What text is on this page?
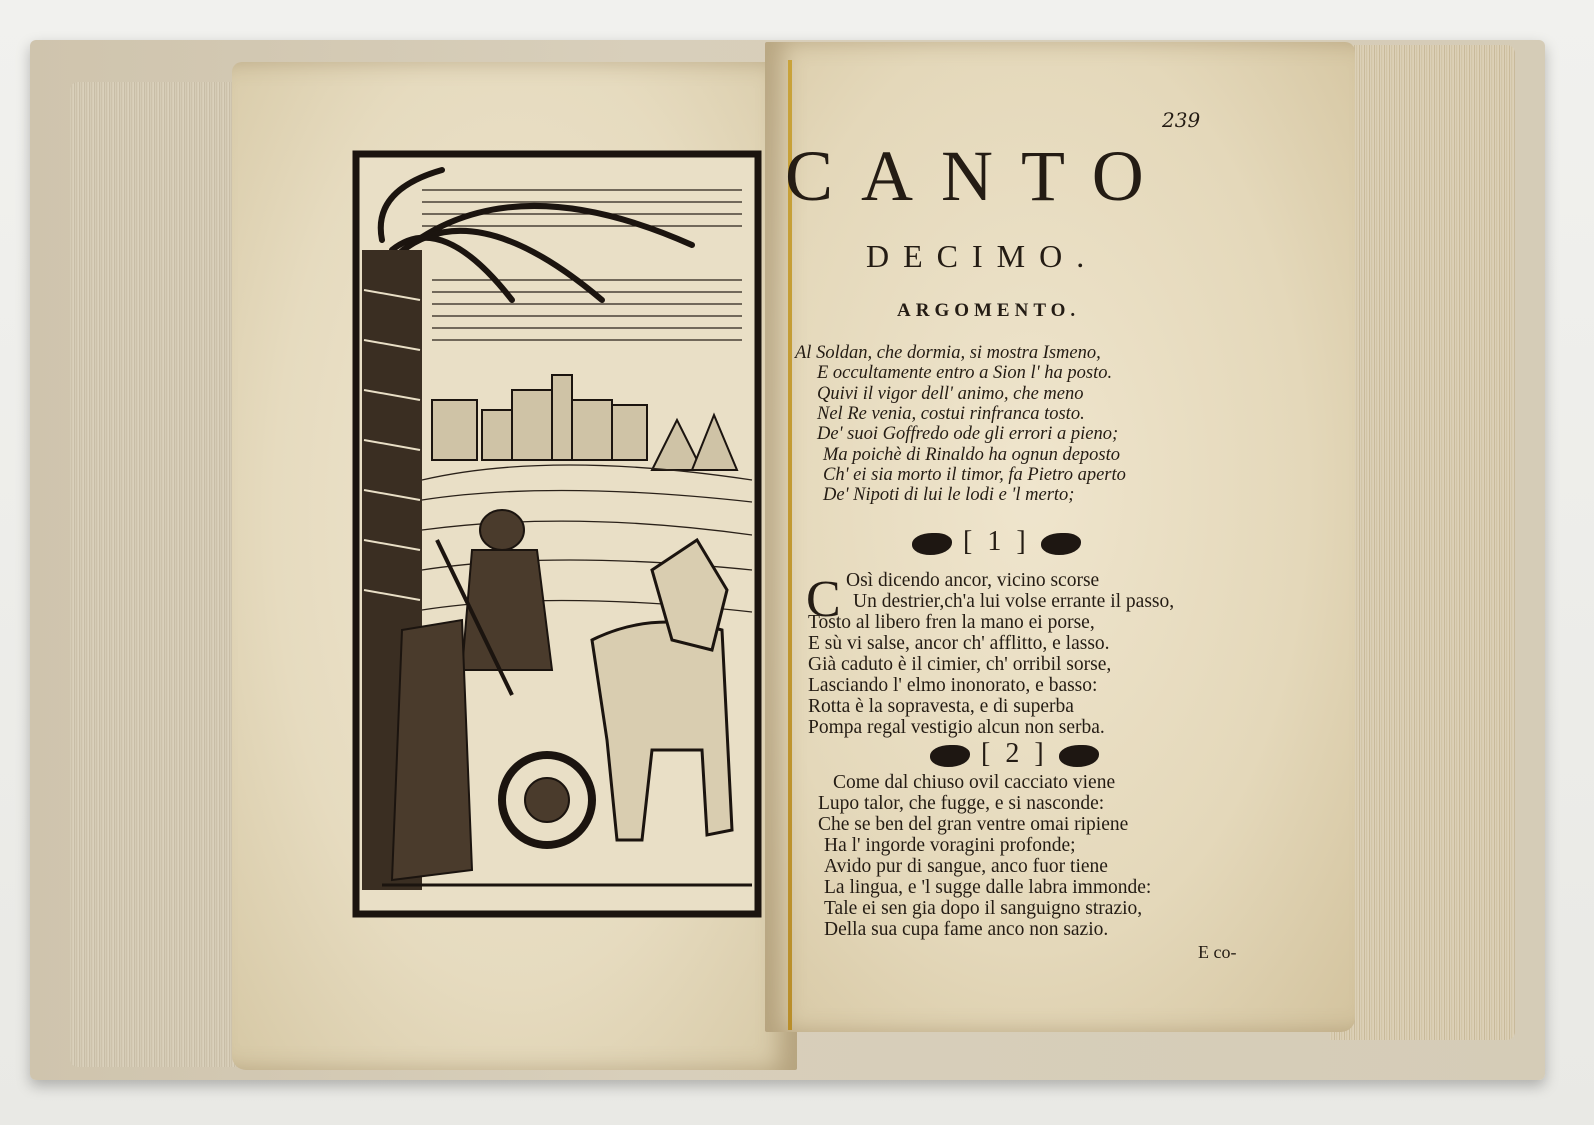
239
CANTO
DECIMO.
ARGOMENTO.
Al Soldan, che dormia, si mostra Ismeno,
E occultamente entro a Sion l' ha posto.
Quivi il vigor dell' animo, che meno
Nel Re venia, costui rinfranca tosto.
De' suoi Goffredo ode gli errori a pieno;
Ma poichè di Rinaldo ha ognun deposto
Ch' ei sia morto il timor, fa Pietro aperto
De' Nipoti di lui le lodi e 'l merto;
[ 1 ]
C Osì dicendo ancor, vicino scorse
Un destrier,ch'a lui volse errante il passo,
Tosto al libero fren la mano ei porse,
E sù vi salse, ancor ch' afflitto, e lasso.
Già caduto è il cimier, ch' orribil sorse,
Lasciando l' elmo inonorato, e basso:
Rotta è la sopravesta, e di superba
Pompa regal vestigio alcun non serba.
[ 2 ]
Come dal chiuso ovil cacciato viene
Lupo talor, che fugge, e si nasconde:
Che se ben del gran ventre omai ripiene
Ha l' ingorde voragini profonde;
Avido pur di sangue, anco fuor tiene
La lingua, e 'l sugge dalle labra immonde:
Tale ei sen gia dopo il sanguigno strazio,
Della sua cupa fame anco non sazio.
E co-
